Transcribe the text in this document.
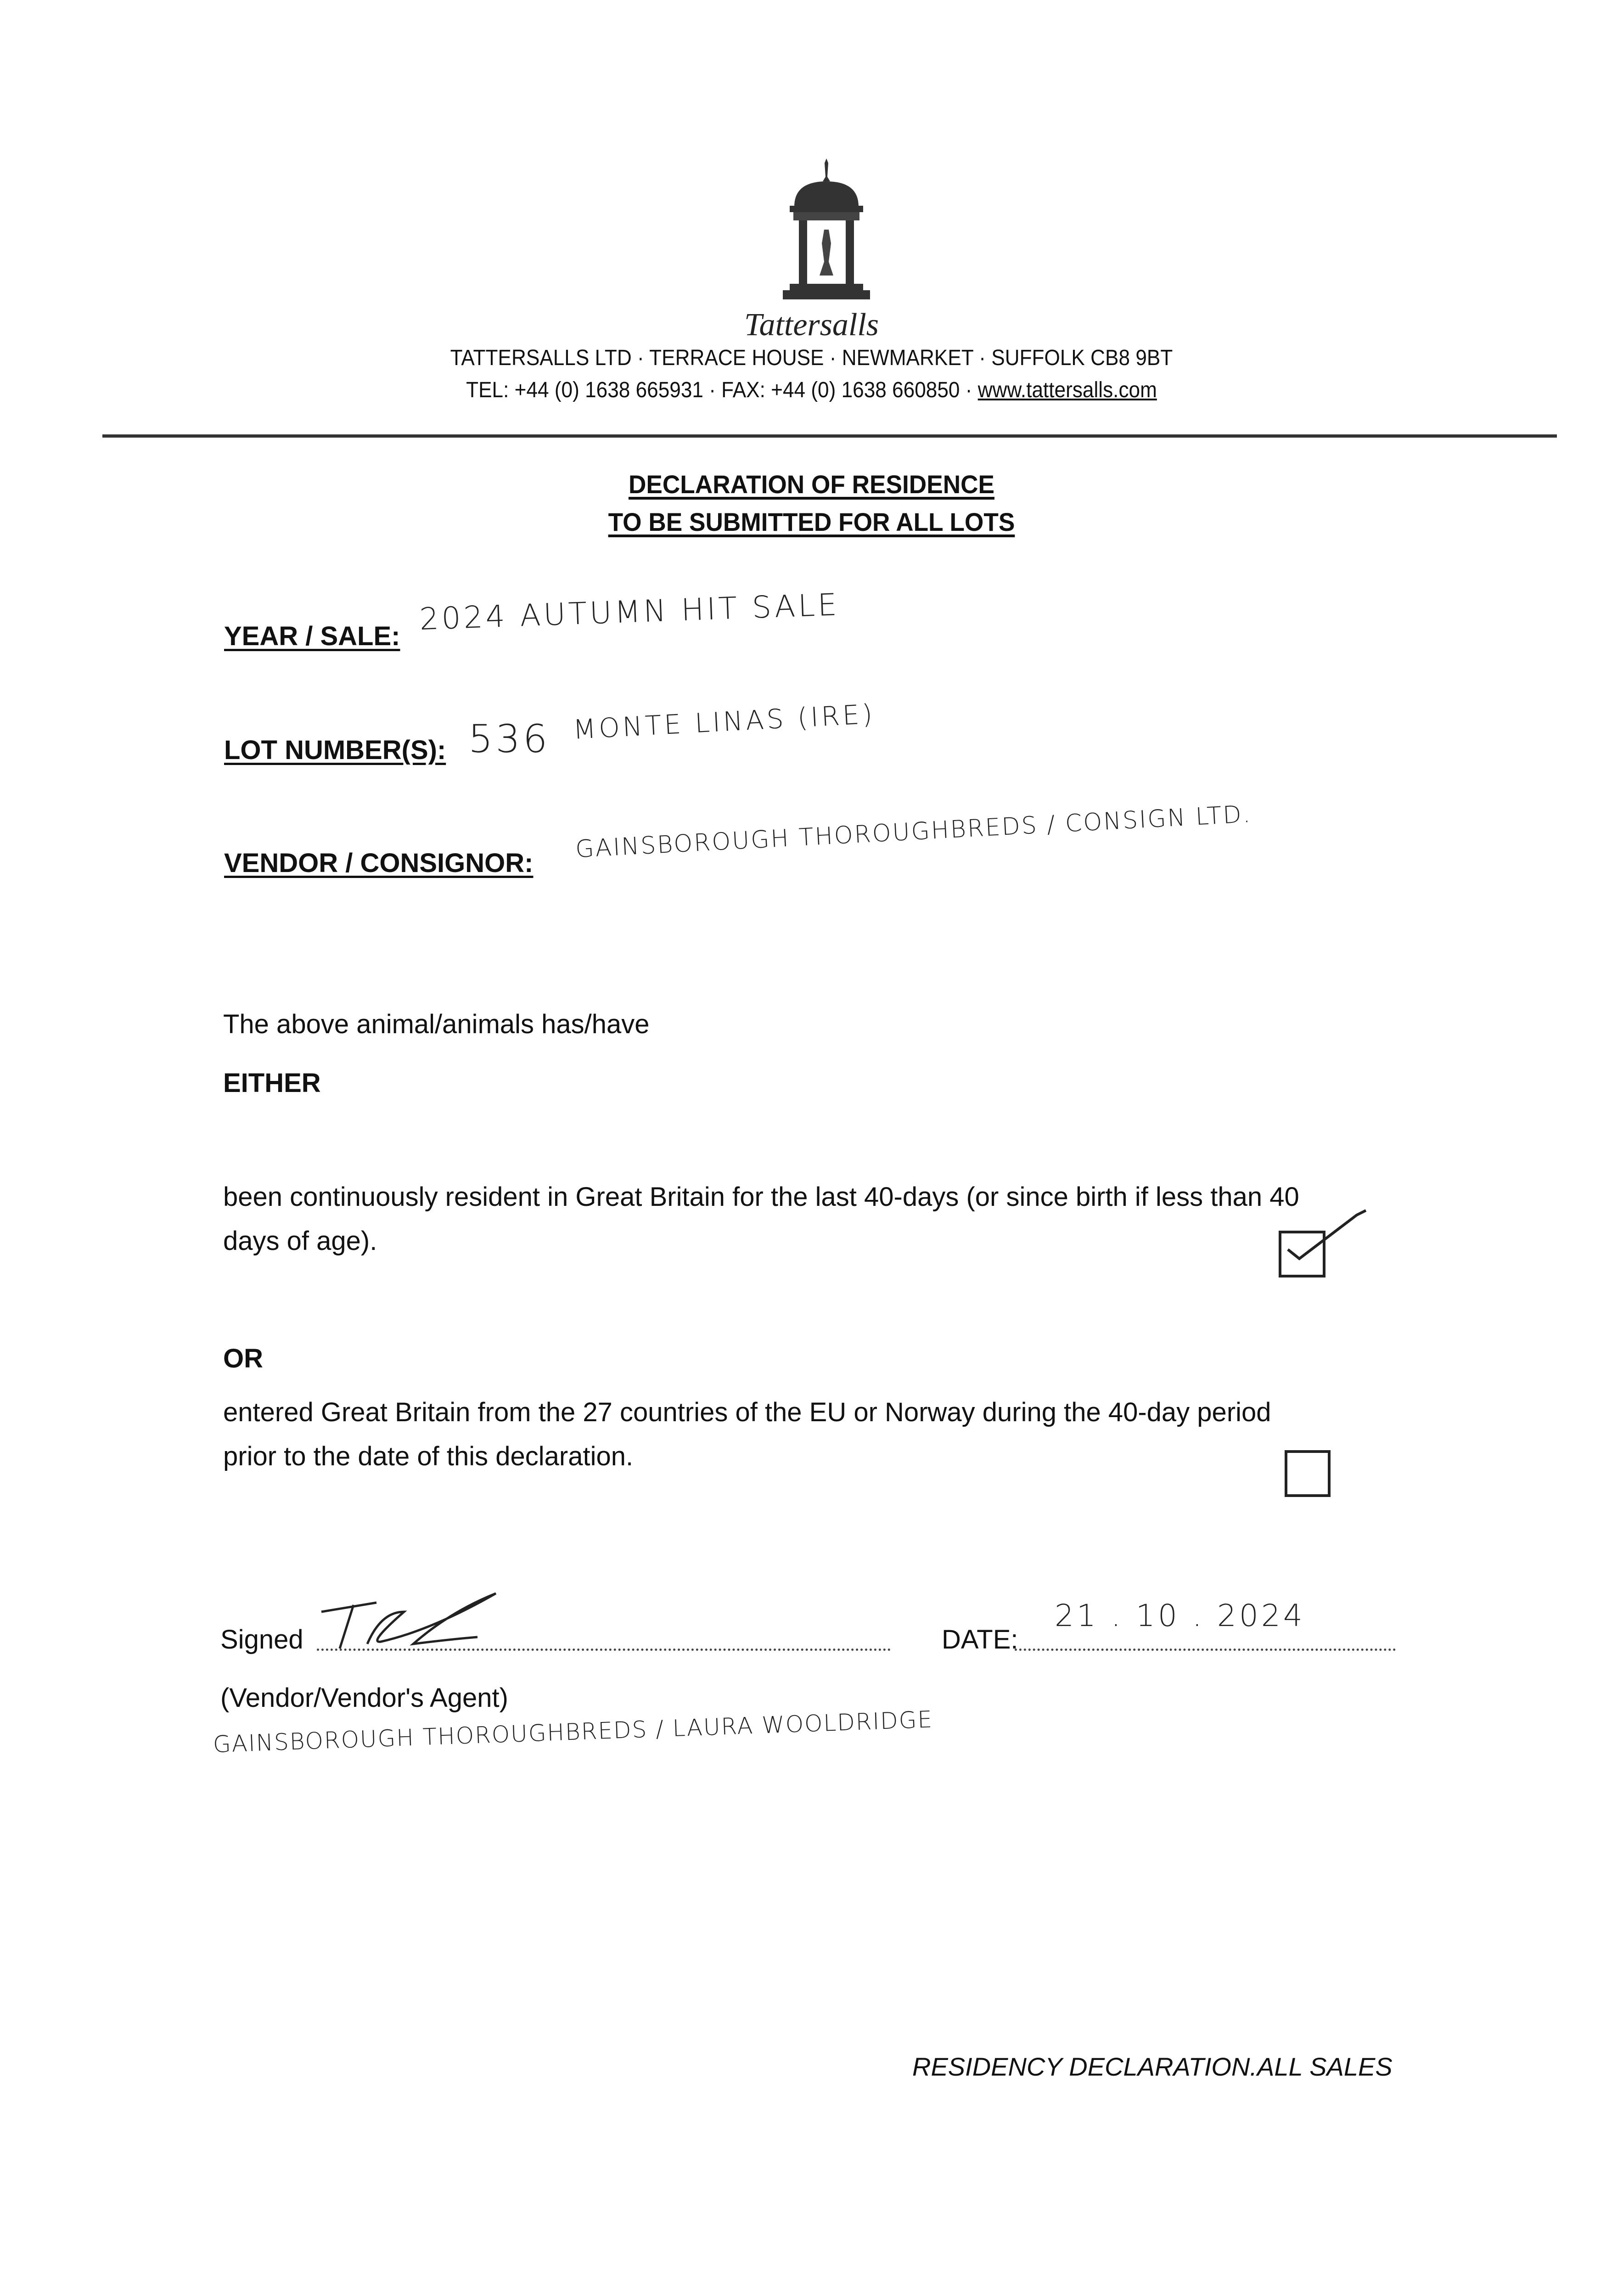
Tattersalls
TATTERSALLS LTD · TERRACE HOUSE · NEWMARKET · SUFFOLK CB8 9BT
TEL: +44 (0) 1638 665931 · FAX: +44 (0) 1638 660850 · www.tattersalls.com
DECLARATION OF RESIDENCE
TO BE SUBMITTED FOR ALL LOTS
YEAR / SALE: 2024 AUTUMN HIT SALE
LOT NUMBER(S): 536 MONTE LINAS (IRE)
VENDOR / CONSIGNOR: GAINSBOROUGH THOROUGHBREDS / CONSIGN LTD.
The above animal/animals has/have
EITHER
been continuously resident in Great Britain for the last 40-days (or since birth if less than 40
days of age).
OR
entered Great Britain from the 27 countries of the EU or Norway during the 40-day period
prior to the date of this declaration.
Signed	DATE:
21 . 10 . 2024
(Vendor/Vendor's Agent)
GAINSBOROUGH THOROUGHBREDS / LAURA WOOLDRIDGE
RESIDENCY DECLARATION.ALL SALES
